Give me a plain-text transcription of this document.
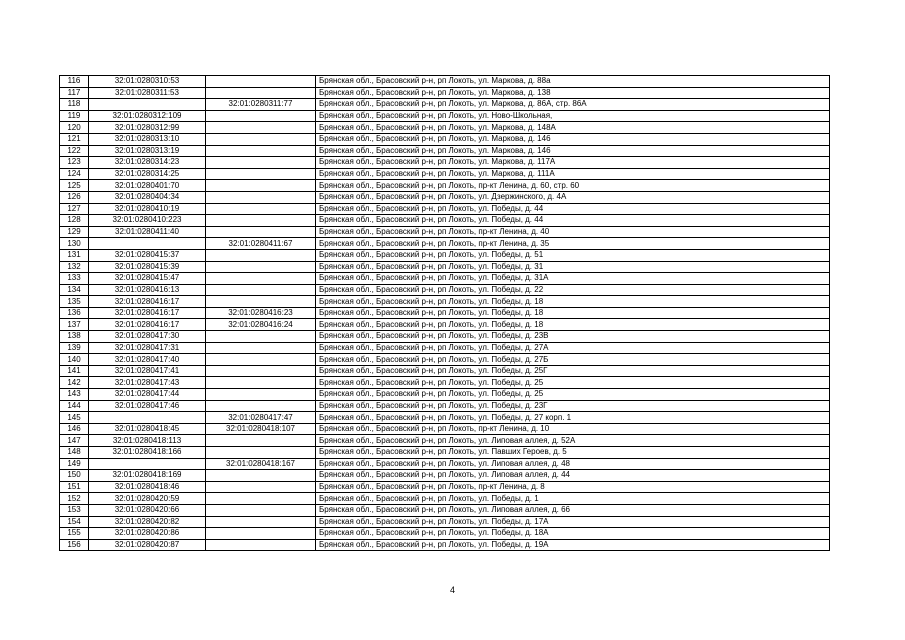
116	32:01:0280310:53		Брянская обл., Брасовский р-н, рп Локоть, ул. Маркова, д. 88а
117	32:01:0280311:53		Брянская обл., Брасовский р-н, рп Локоть, ул. Маркова, д. 138
118		32:01:0280311:77	Брянская обл., Брасовский р-н, рп Локоть, ул. Маркова, д. 86А, стр. 86А
119	32:01:0280312:109		Брянская обл., Брасовский р-н, рп Локоть, ул. Ново-Школьная,
120	32:01:0280312:99		Брянская обл., Брасовский р-н, рп Локоть, ул. Маркова, д. 148А
121	32:01:0280313:10		Брянская обл., Брасовский р-н, рп Локоть, ул. Маркова, д. 146
122	32:01:0280313:19		Брянская обл., Брасовский р-н, рп Локоть, ул. Маркова, д. 146
123	32:01:0280314:23		Брянская обл., Брасовский р-н, рп Локоть, ул. Маркова, д. 117А
124	32:01:0280314:25		Брянская обл., Брасовский р-н, рп Локоть, ул. Маркова, д. 111А
125	32:01:0280401:70		Брянская обл., Брасовский р-н, рп Локоть, пр-кт Ленина, д. 60, стр. 60
126	32:01:0280404:34		Брянская обл., Брасовский р-н, рп Локоть, ул. Дзержинского, д. 4А
127	32:01:0280410:19		Брянская обл., Брасовский р-н, рп Локоть, ул. Победы, д. 44
128	32:01:0280410:223		Брянская обл., Брасовский р-н, рп Локоть, ул. Победы, д. 44
129	32:01:0280411:40		Брянская обл., Брасовский р-н, рп Локоть, пр-кт Ленина, д. 40
130		32:01:0280411:67	Брянская обл., Брасовский р-н, рп Локоть, пр-кт Ленина, д. 35
131	32:01:0280415:37		Брянская обл., Брасовский р-н, рп Локоть, ул. Победы, д. 51
132	32:01:0280415:39		Брянская обл., Брасовский р-н, рп Локоть, ул. Победы, д. 31
133	32:01:0280415:47		Брянская обл., Брасовский р-н, рп Локоть, ул. Победы, д. 31А
134	32:01:0280416:13		Брянская обл., Брасовский р-н, рп Локоть, ул. Победы, д. 22
135	32:01:0280416:17		Брянская обл., Брасовский р-н, рп Локоть, ул. Победы, д. 18
136	32:01:0280416:17	32:01:0280416:23	Брянская обл., Брасовский р-н, рп Локоть, ул. Победы, д. 18
137	32:01:0280416:17	32:01:0280416:24	Брянская обл., Брасовский р-н, рп Локоть, ул. Победы, д. 18
138	32:01:0280417:30		Брянская обл., Брасовский р-н, рп Локоть, ул. Победы, д. 23В
139	32:01:0280417:31		Брянская обл., Брасовский р-н, рп Локоть, ул. Победы, д. 27А
140	32:01:0280417:40		Брянская обл., Брасовский р-н, рп Локоть, ул. Победы, д. 27Б
141	32:01:0280417:41		Брянская обл., Брасовский р-н, рп Локоть, ул. Победы, д. 25Г
142	32:01:0280417:43		Брянская обл., Брасовский р-н, рп Локоть, ул. Победы, д. 25
143	32:01:0280417:44		Брянская обл., Брасовский р-н, рп Локоть, ул. Победы, д. 25
144	32:01:0280417:46		Брянская обл., Брасовский р-н, рп Локоть, ул. Победы, д. 23Г
145		32:01:0280417:47	Брянская обл., Брасовский р-н, рп Локоть, ул. Победы, д. 27 корп. 1
146	32:01:0280418:45	32:01:0280418:107	Брянская обл., Брасовский р-н, рп Локоть, пр-кт Ленина, д. 10
147	32:01:0280418:113		Брянская обл., Брасовский р-н, рп Локоть, ул. Липовая аллея, д. 52А
148	32:01:0280418:166		Брянская обл., Брасовский р-н, рп Локоть, ул. Павших Героев, д. 5
149		32:01:0280418:167	Брянская обл., Брасовский р-н, рп Локоть, ул. Липовая аллея, д. 48
150	32:01:0280418:169		Брянская обл., Брасовский р-н, рп Локоть, ул. Липовая аллея, д. 44
151	32:01:0280418:46		Брянская обл., Брасовский р-н, рп Локоть, пр-кт Ленина, д. 8
152	32:01:0280420:59		Брянская обл., Брасовский р-н, рп Локоть, ул. Победы, д. 1
153	32:01:0280420:66		Брянская обл., Брасовский р-н, рп Локоть, ул. Липовая аллея, д. 66
154	32:01:0280420:82		Брянская обл., Брасовский р-н, рп Локоть, ул. Победы, д. 17А
155	32:01:0280420:86		Брянская обл., Брасовский р-н, рп Локоть, ул. Победы, д. 18А
156	32:01:0280420:87		Брянская обл., Брасовский р-н, рп Локоть, ул. Победы, д. 19А
4
